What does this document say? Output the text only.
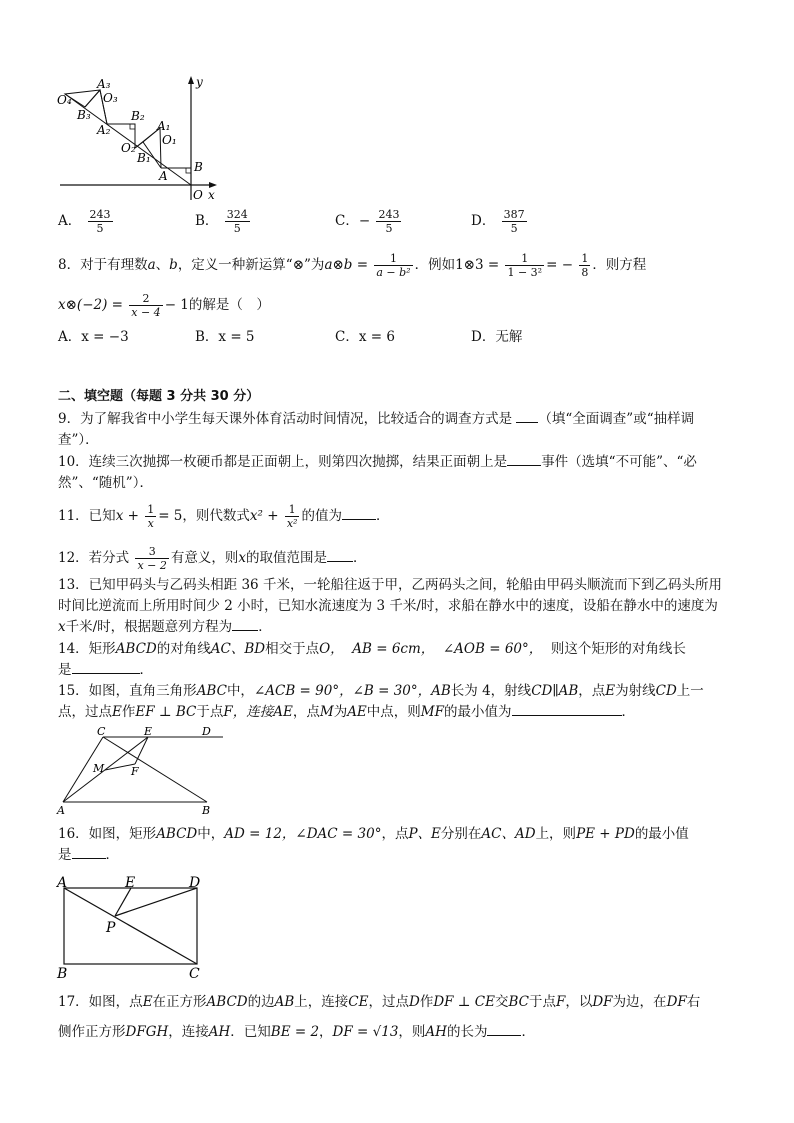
O₄
A₃
O₃
B₃	B₂
A₂	A₁
O₁
O₂
B₁
A
B
O x
y
A． $\frac{243}{5}$	B． $\frac{324}{5}$	C．− $\frac{243}{5}$	D． $\frac{387}{5}$
8．对于有理数a、b，定义一种新运算“⊗”为a⊗b = $\frac{1}{\text{a − b²}}$ ．例如1⊗3 = $\frac{1}{\text{1 − 3²}}$ = − $\frac{1}{8}$ ．则方程
x⊗(−2) = $\frac{2}{x - 4} - 1$的解是（　）
A．x = −3	B．x = 5	C．x = 6	D．无解
二、填空题（每题 3 分共 30 分）
9．为了解我省中小学生每天课外体育活动时间情况，比较适合的调查方式是 （填“全面调查”或“抽样调
查”）．
10．连续三次抛掷一枚硬币都是正面朝上，则第四次抛掷，结果正面朝上是	事件（选填“不可能”、“必
然”、“随机”）．
11．已知$x + \frac{1}{x} = 5$，则代数式$x^2 + \frac{1}{\text{x²}}$ 的值为	．
12．若分式 $\frac{3}{x - 2}$ 有意义，则x的取值范围是 ．
13．已知甲码头与乙码头相距 36 千米，一轮船往返于甲，乙两码头之间，轮船由甲码头顺流而下到乙码头所用
时间比逆流而上所用时间少 2 小时，已知水流速度为 3 千米/时，求船在静水中的速度，设船在静水中的速度为
x千米/时，根据题意列方程为 ．
14．矩形ABCD的对角线AC、BD相交于点O， AB = 6cm， ∠AOB = 60°， 则这个矩形的对角线长
是	．
15．如图，直角三角形ABC中，∠ACB = 90°，∠B = 30°，AB长为 4，射线CD∥AB，点E为射线CD上一
点，过点E作EF ⊥ BC于点F，连接AE，点M为AE中点，则MF的最小值为	．
C	E	D
M F
A	B
16．如图，矩形ABCD中，AD = 12，∠DAC = 30°，点P、E分别在AC、AD上，则PE + PD的最小值
是	．
A	E	D
P
B	C
17．如图，点E在正方形ABCD的边AB上，连接CE，过点D作DF ⊥ CE交BC于点F，以DF为边，在DF右
侧作正方形DFGH，连接AH．已知BE = 2，DF = √13，则AH的长为	．
